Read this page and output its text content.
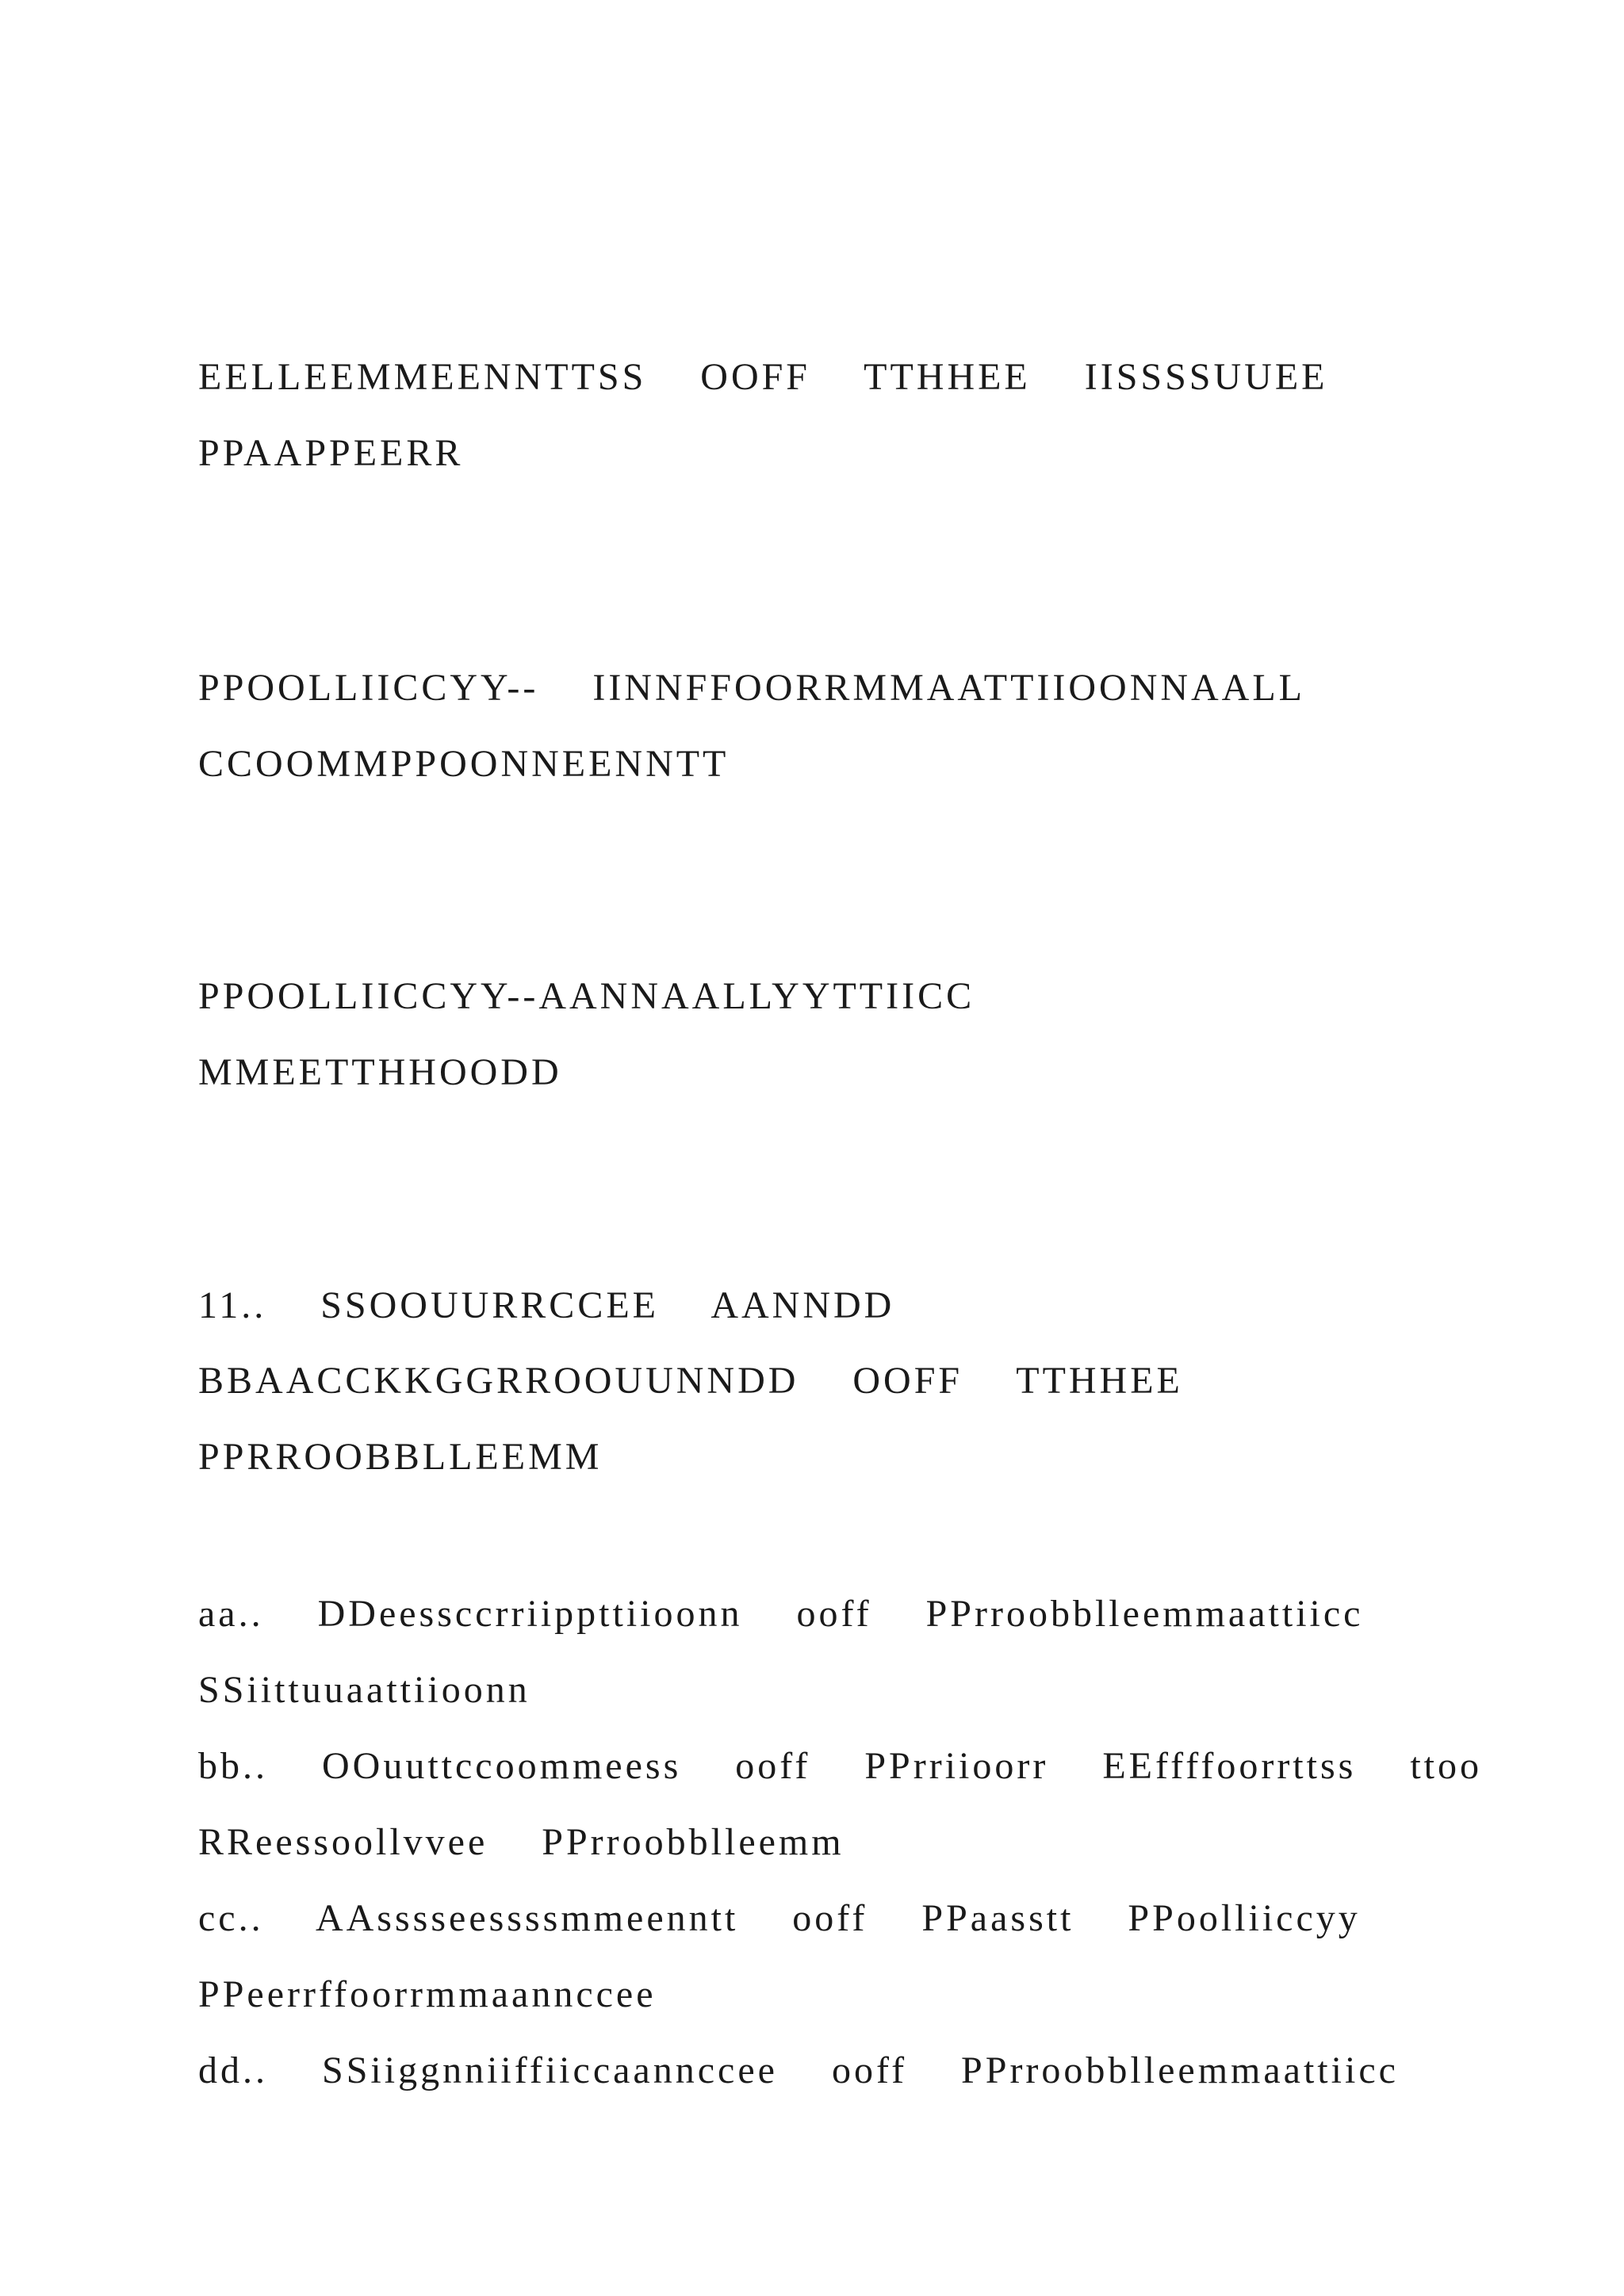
EELLEEMMEENNTTSS  OOFF  TTHHEE  IISSSSUUEE

PPAAPPEERR

PPOOLLIICCYY--  IINNFFOORRMMAATTIIOONNAALL

CCOOMMPPOONNEENNTT

PPOOLLIICCYY--AANNAALLYYTTIICC

MMEETTHHOODD

11..  SSOOUURRCCEE  AANNDD

BBAACCKKGGRROOUUNNDD  OOFF  TTHHEE

PPRROOBBLLEEMM

aa..  DDeessccrriippttiioonn  ooff  PPrroobblleemmaattiicc

SSiittuuaattiioonn

bb..  OOuuttccoommeess  ooff  PPrriioorr  EEffffoorrttss  ttoo

RReessoollvvee  PPrroobblleemm

cc..  AAsssseessssmmeenntt  ooff  PPaasstt  PPoolliiccyy

PPeerrffoorrmmaannccee

dd..  SSiiggnniiffiiccaannccee  ooff  PPrroobblleemmaattiicc
